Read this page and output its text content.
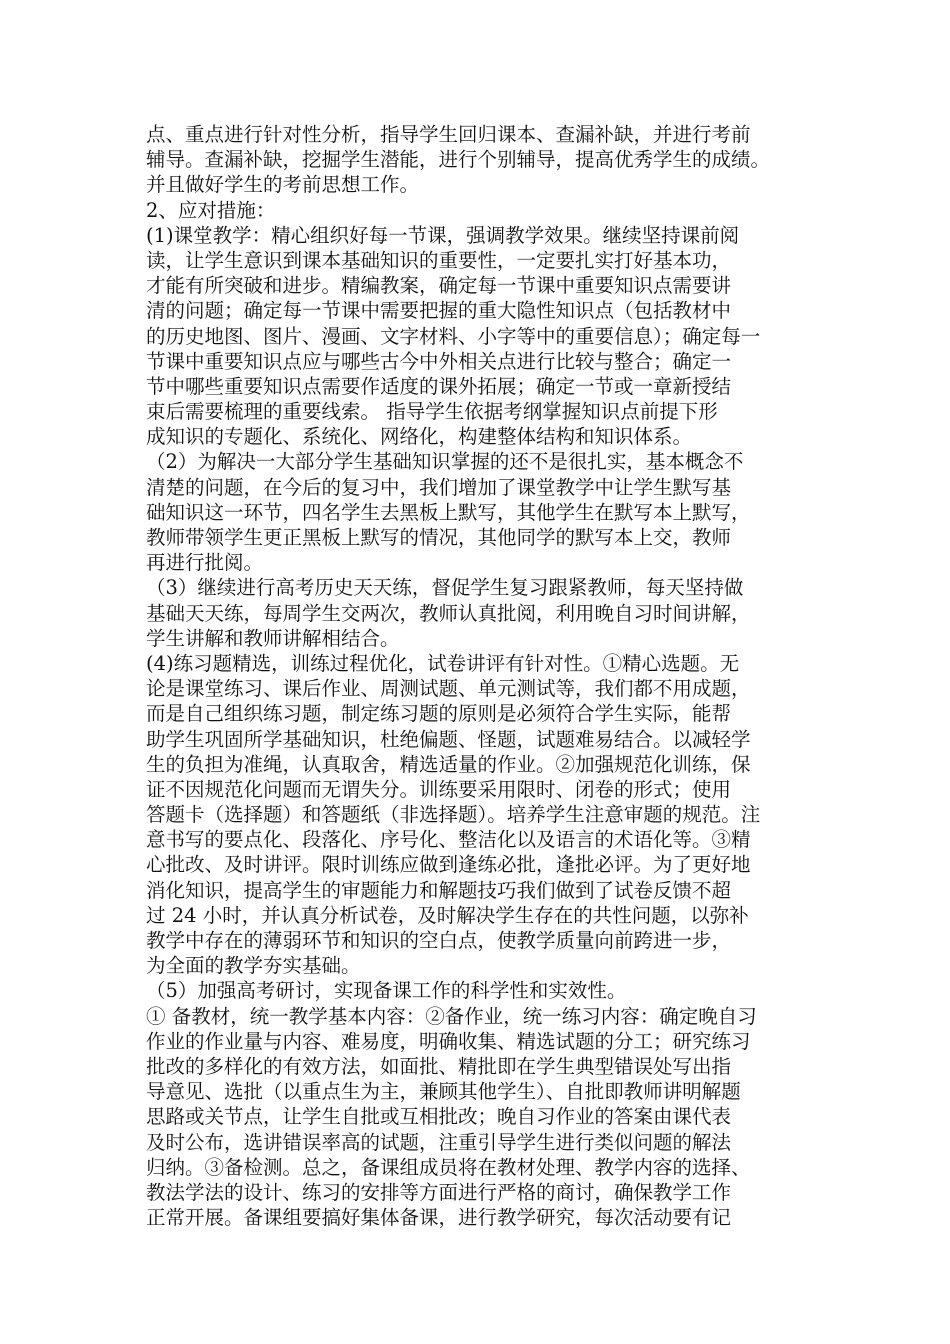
点、重点进行针对性分析，指导学生回归课本、查漏补缺，并进行考前
辅导。查漏补缺，挖掘学生潜能，进行个别辅导，提高优秀学生的成绩。
并且做好学生的考前思想工作。
2、应对措施：
(1)课堂教学：精心组织好每一节课，强调教学效果。继续坚持课前阅
读，让学生意识到课本基础知识的重要性，一定要扎实打好基本功，
才能有所突破和进步。精编教案，确定每一节课中重要知识点需要讲
清的问题；确定每一节课中需要把握的重大隐性知识点（包括教材中
的历史地图、图片、漫画、文字材料、小字等中的重要信息）；确定每一
节课中重要知识点应与哪些古今中外相关点进行比较与整合；确定一
节中哪些重要知识点需要作适度的课外拓展；确定一节或一章新授结
束后需要梳理的重要线索。 指导学生依据考纲掌握知识点前提下形
成知识的专题化、系统化、网络化，构建整体结构和知识体系。
（2）为解决一大部分学生基础知识掌握的还不是很扎实，基本概念不
清楚的问题，在今后的复习中，我们增加了课堂教学中让学生默写基
础知识这一环节，四名学生去黑板上默写，其他学生在默写本上默写，
教师带领学生更正黑板上默写的情况，其他同学的默写本上交，教师
再进行批阅。
（3）继续进行高考历史天天练，督促学生复习跟紧教师，每天坚持做
基础天天练，每周学生交两次，教师认真批阅，利用晚自习时间讲解，
学生讲解和教师讲解相结合。
(4)练习题精选，训练过程优化，试卷讲评有针对性。①精心选题。无
论是课堂练习、课后作业、周测试题、单元测试等，我们都不用成题，
而是自己组织练习题，制定练习题的原则是必须符合学生实际，能帮
助学生巩固所学基础知识，杜绝偏题、怪题，试题难易结合。以减轻学
生的负担为准绳，认真取舍，精选适量的作业。②加强规范化训练，保
证不因规范化问题而无谓失分。训练要采用限时、闭卷的形式；使用
答题卡（选择题）和答题纸（非选择题）。培养学生注意审题的规范。注
意书写的要点化、段落化、序号化、整洁化以及语言的术语化等。③精
心批改、及时讲评。限时训练应做到逢练必批，逢批必评。为了更好地
消化知识，提高学生的审题能力和解题技巧我们做到了试卷反馈不超
过 24 小时，并认真分析试卷，及时解决学生存在的共性问题，以弥补
教学中存在的薄弱环节和知识的空白点，使教学质量向前跨进一步，
为全面的教学夯实基础。
（5）加强高考研讨，实现备课工作的科学性和实效性。
① 备教材，统一教学基本内容：②备作业，统一练习内容：确定晚自习
作业的作业量与内容、难易度，明确收集、精选试题的分工；研究练习
批改的多样化的有效方法，如面批、精批即在学生典型错误处写出指
导意见、选批（以重点生为主，兼顾其他学生）、自批即教师讲明解题
思路或关节点，让学生自批或互相批改；晚自习作业的答案由课代表
及时公布，选讲错误率高的试题，注重引导学生进行类似问题的解法
归纳。③备检测。总之，备课组成员将在教材处理、教学内容的选择、
教法学法的设计、练习的安排等方面进行严格的商讨，确保教学工作
正常开展。备课组要搞好集体备课，进行教学研究，每次活动要有记
